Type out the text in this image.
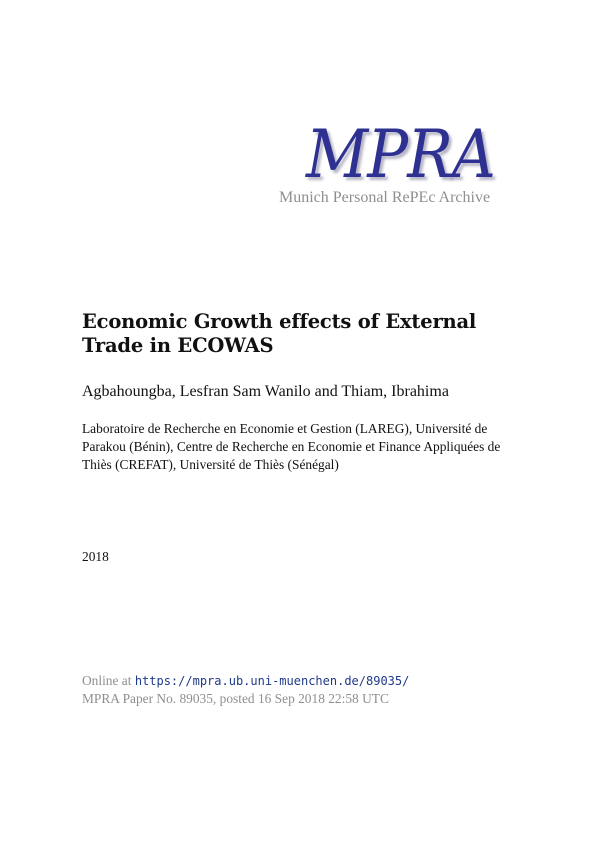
MPRA
Munich Personal RePEc Archive
Economic Growth effects of External Trade in ECOWAS
Agbahoungba, Lesfran Sam Wanilo and Thiam, Ibrahima
Laboratoire de Recherche en Economie et Gestion (LAREG), Université de Parakou (Bénin), Centre de Recherche en Economie et Finance Appliquées de Thiès (CREFAT), Université de Thiès (Sénégal)
2018
Online at https://mpra.ub.uni-muenchen.de/89035/
MPRA Paper No. 89035, posted 16 Sep 2018 22:58 UTC
